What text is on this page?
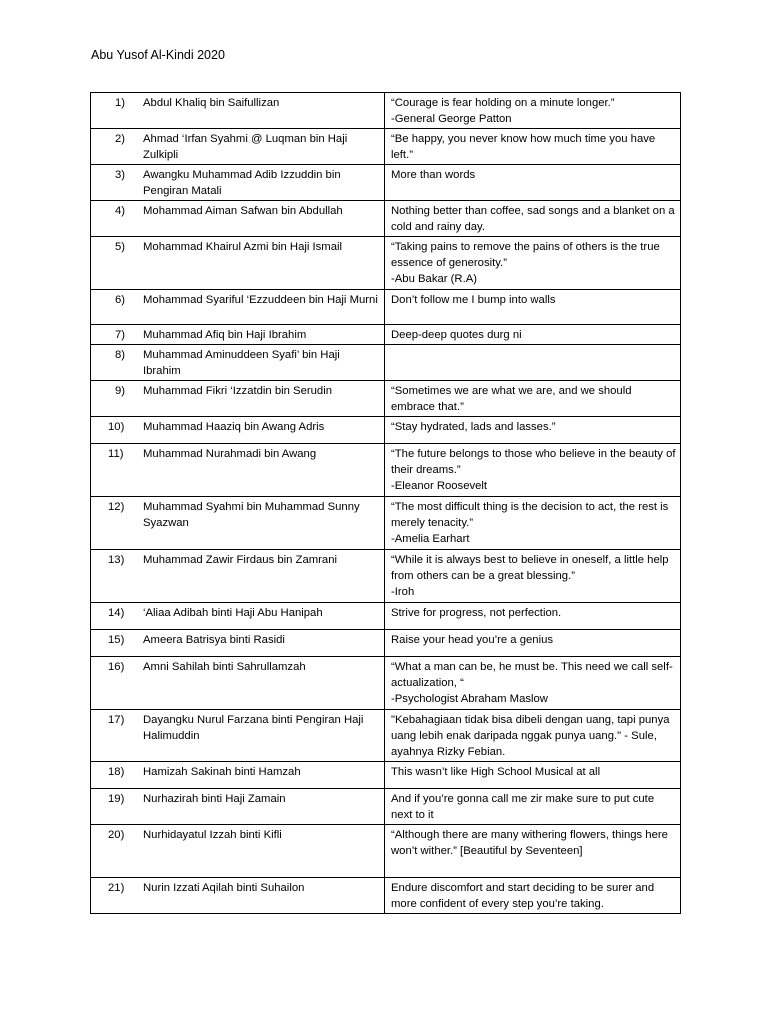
Abu Yusof Al-Kindi 2020
1) Abdul Khaliq bin Saifullizan	“Courage is fear holding on a minute longer.”
-General George Patton

2) Ahmad ‘Irfan Syahmi @ Luqman bin Haji Zulkipli	“Be happy, you never know how much time you have left.”

3) Awangku Muhammad Adib Izzuddin bin Pengiran Matali	More than words

4) Mohammad Aiman Safwan bin Abdullah	Nothing better than coffee, sad songs and a blanket on a cold and rainy day.

5) Mohammad Khairul Azmi bin Haji Ismail	“Taking pains to remove the pains of others is the true essence of generosity.”
-Abu Bakar (R.A)

6) Mohammad Syariful ‘Ezzuddeen bin Haji Murni	Don’t follow me I bump into walls

7) Muhammad Afiq bin Haji Ibrahim	Deep-deep quotes durg ni

8) Muhammad Aminuddeen Syafi’ bin Haji Ibrahim	

9) Muhammad Fikri ‘Izzatdin bin Serudin	“Sometimes we are what we are, and we should embrace that.”

10) Muhammad Haaziq bin Awang Adris	“Stay hydrated, lads and lasses.”

11) Muhammad Nurahmadi bin Awang	“The future belongs to those who believe in the beauty of their dreams.”
-Eleanor Roosevelt

12) Muhammad Syahmi bin Muhammad Sunny Syazwan	“The most difficult thing is the decision to act, the rest is merely tenacity.”
-Amelia Earhart

13) Muhammad Zawir Firdaus bin Zamrani	“While it is always best to believe in oneself, a little help from others can be a great blessing.”
-Iroh

14) ‘Aliaa Adibah binti Haji Abu Hanipah	Strive for progress, not perfection.

15) Ameera Batrisya binti Rasidi	Raise your head you’re a genius

16) Amni Sahilah binti Sahrullamzah	“What a man can be, he must be. This need we call self-actualization, “
-Psychologist Abraham Maslow

17) Dayangku Nurul Farzana binti Pengiran Haji Halimuddin	"Kebahagiaan tidak bisa dibeli dengan uang, tapi punya uang lebih enak daripada nggak punya uang." - Sule, ayahnya Rizky Febian.

18) Hamizah Sakinah binti Hamzah	This wasn’t like High School Musical at all

19) Nurhazirah binti Haji Zamain	And if you’re gonna call me zir make sure to put cute next to it

20) Nurhidayatul Izzah binti Kifli	“Although there are many withering flowers, things here won’t wither.” [Beautiful by Seventeen]

21) Nurin Izzati Aqilah binti Suhailon	Endure discomfort and start deciding to be surer and more confident of every step you’re taking.
